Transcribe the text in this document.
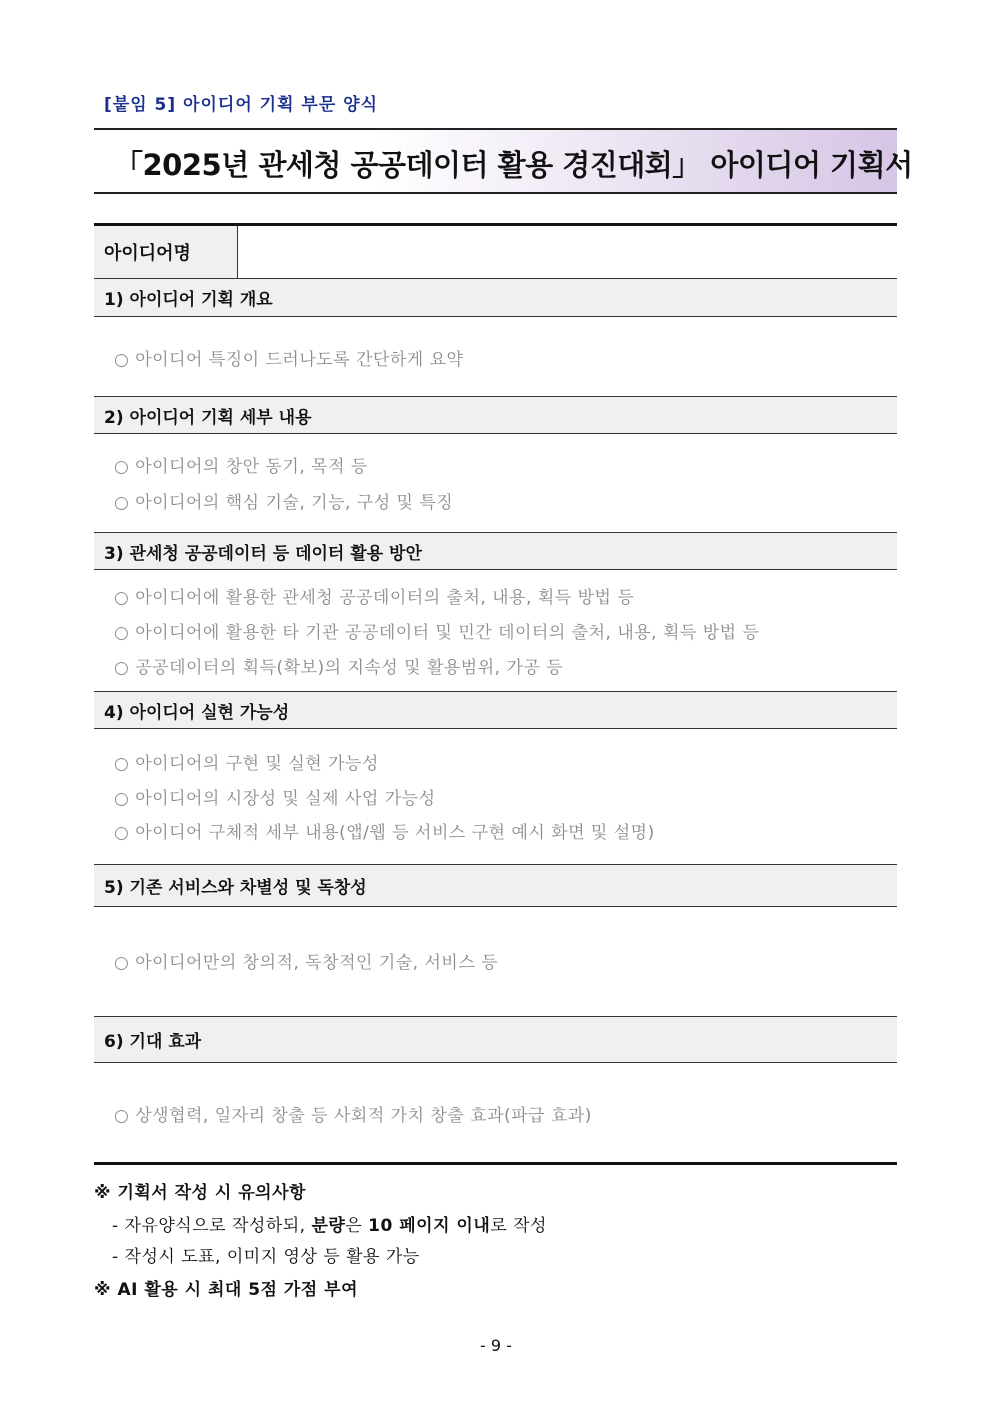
[붙임 5] 아이디어 기획 부문 양식
「2025년 관세청 공공데이터 활용 경진대회」 아이디어 기획서
아이디어명
1) 아이디어 기획 개요
○ 아이디어 특징이 드러나도록 간단하게 요약
2) 아이디어 기획 세부 내용
○ 아이디어의 창안 동기, 목적 등
○ 아이디어의 핵심 기술, 기능, 구성 및 특징
3) 관세청 공공데이터 등 데이터 활용 방안
○ 아이디어에 활용한 관세청 공공데이터의 출처, 내용, 획득 방법 등
○ 아이디어에 활용한 타 기관 공공데이터 및 민간 데이터의 출처, 내용, 획득 방법 등
○ 공공데이터의 획득(확보)의 지속성 및 활용범위, 가공 등
4) 아이디어 실현 가능성
○ 아이디어의 구현 및 실현 가능성
○ 아이디어의 시장성 및 실제 사업 가능성
○ 아이디어 구체적 세부 내용(앱/웹 등 서비스 구현 예시 화면 및 설명)
5) 기존 서비스와 차별성 및 독창성
○ 아이디어만의 창의적, 독창적인 기술, 서비스 등
6) 기대 효과
○ 상생협력, 일자리 창출 등 사회적 가치 창출 효과(파급 효과)
※ 기획서 작성 시 유의사항
- 자유양식으로 작성하되, 분량은 10 페이지 이내로 작성
- 작성시 도표, 이미지 영상 등 활용 가능
※ AI 활용 시 최대 5점 가점 부여
- 9 -
